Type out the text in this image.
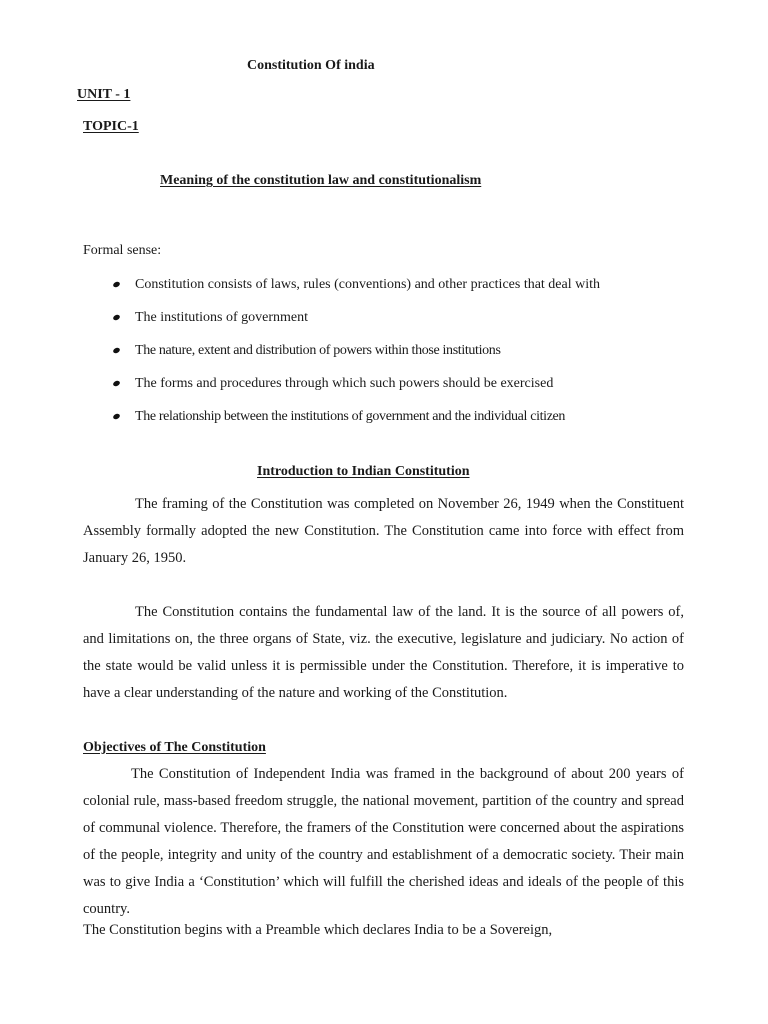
Constitution Of india
UNIT - 1
TOPIC-1
Meaning of the constitution law and constitutionalism
Formal sense:
Constitution consists of laws, rules (conventions) and other practices that deal with
The institutions of government
The nature, extent and distribution of powers within those institutions
The forms and procedures through which such powers should be exercised
The relationship between the institutions of government and the individual citizen
Introduction to Indian Constitution

The framing of the Constitution was completed on November 26, 1949 when the Constituent Assembly formally adopted the new Constitution. The Constitution came into force with effect from January 26, 1950.

The Constitution contains the fundamental law of the land. It is the source of all powers of, and limitations on, the three organs of State, viz. the executive, legislature and judiciary. No action of the state would be valid unless it is permissible under the Constitution. Therefore, it is imperative to have a clear understanding of the nature and working of the Constitution.

Objectives of The Constitution

The Constitution of Independent India was framed in the background of about 200 years of colonial rule, mass-based freedom struggle, the national movement, partition of the country and spread of communal violence. Therefore, the framers of the Constitution were concerned about the aspirations of the people, integrity and unity of the country and establishment of a democratic society. Their main was to give India a ‘Constitution’ which will fulfill the cherished ideas and ideals of the people of this country.

The Constitution begins with a Preamble which declares India to be a Sovereign,
